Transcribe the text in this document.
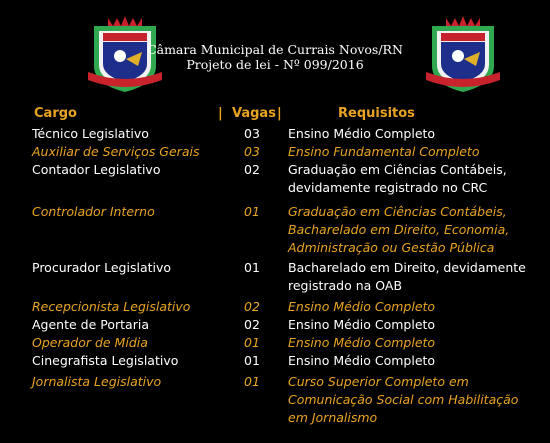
Câmara Municipal de Currais Novos/RN
Projeto de lei - Nº 099/2016
Cargo	| Vagas |	Requisitos
Técnico Legislativo	03	Ensino Médio Completo
Auxiliar de Serviços Gerais	03	Ensino Fundamental Completo
Contador Legislativo	02	Graduação em Ciências Contábeis,
devidamente registrado no CRC
Controlador Interno	01	Graduação em Ciências Contábeis,
Bacharelado em Direito, Economia,
Administração ou Gestão Pública
Procurador Legislativo	01	Bacharelado em Direito, devidamente
registrado na OAB
Recepcionista Legislativo	02	Ensino Médio Completo
Agente de Portaria	02	Ensino Médio Completo
Operador de Mídia	01	Ensino Médio Completo
Cinegrafista Legislativo	01	Ensino Médio Completo
Jornalista Legislativo	01	Curso Superior Completo em
Comunicação Social com Habilitação
em Jornalismo
